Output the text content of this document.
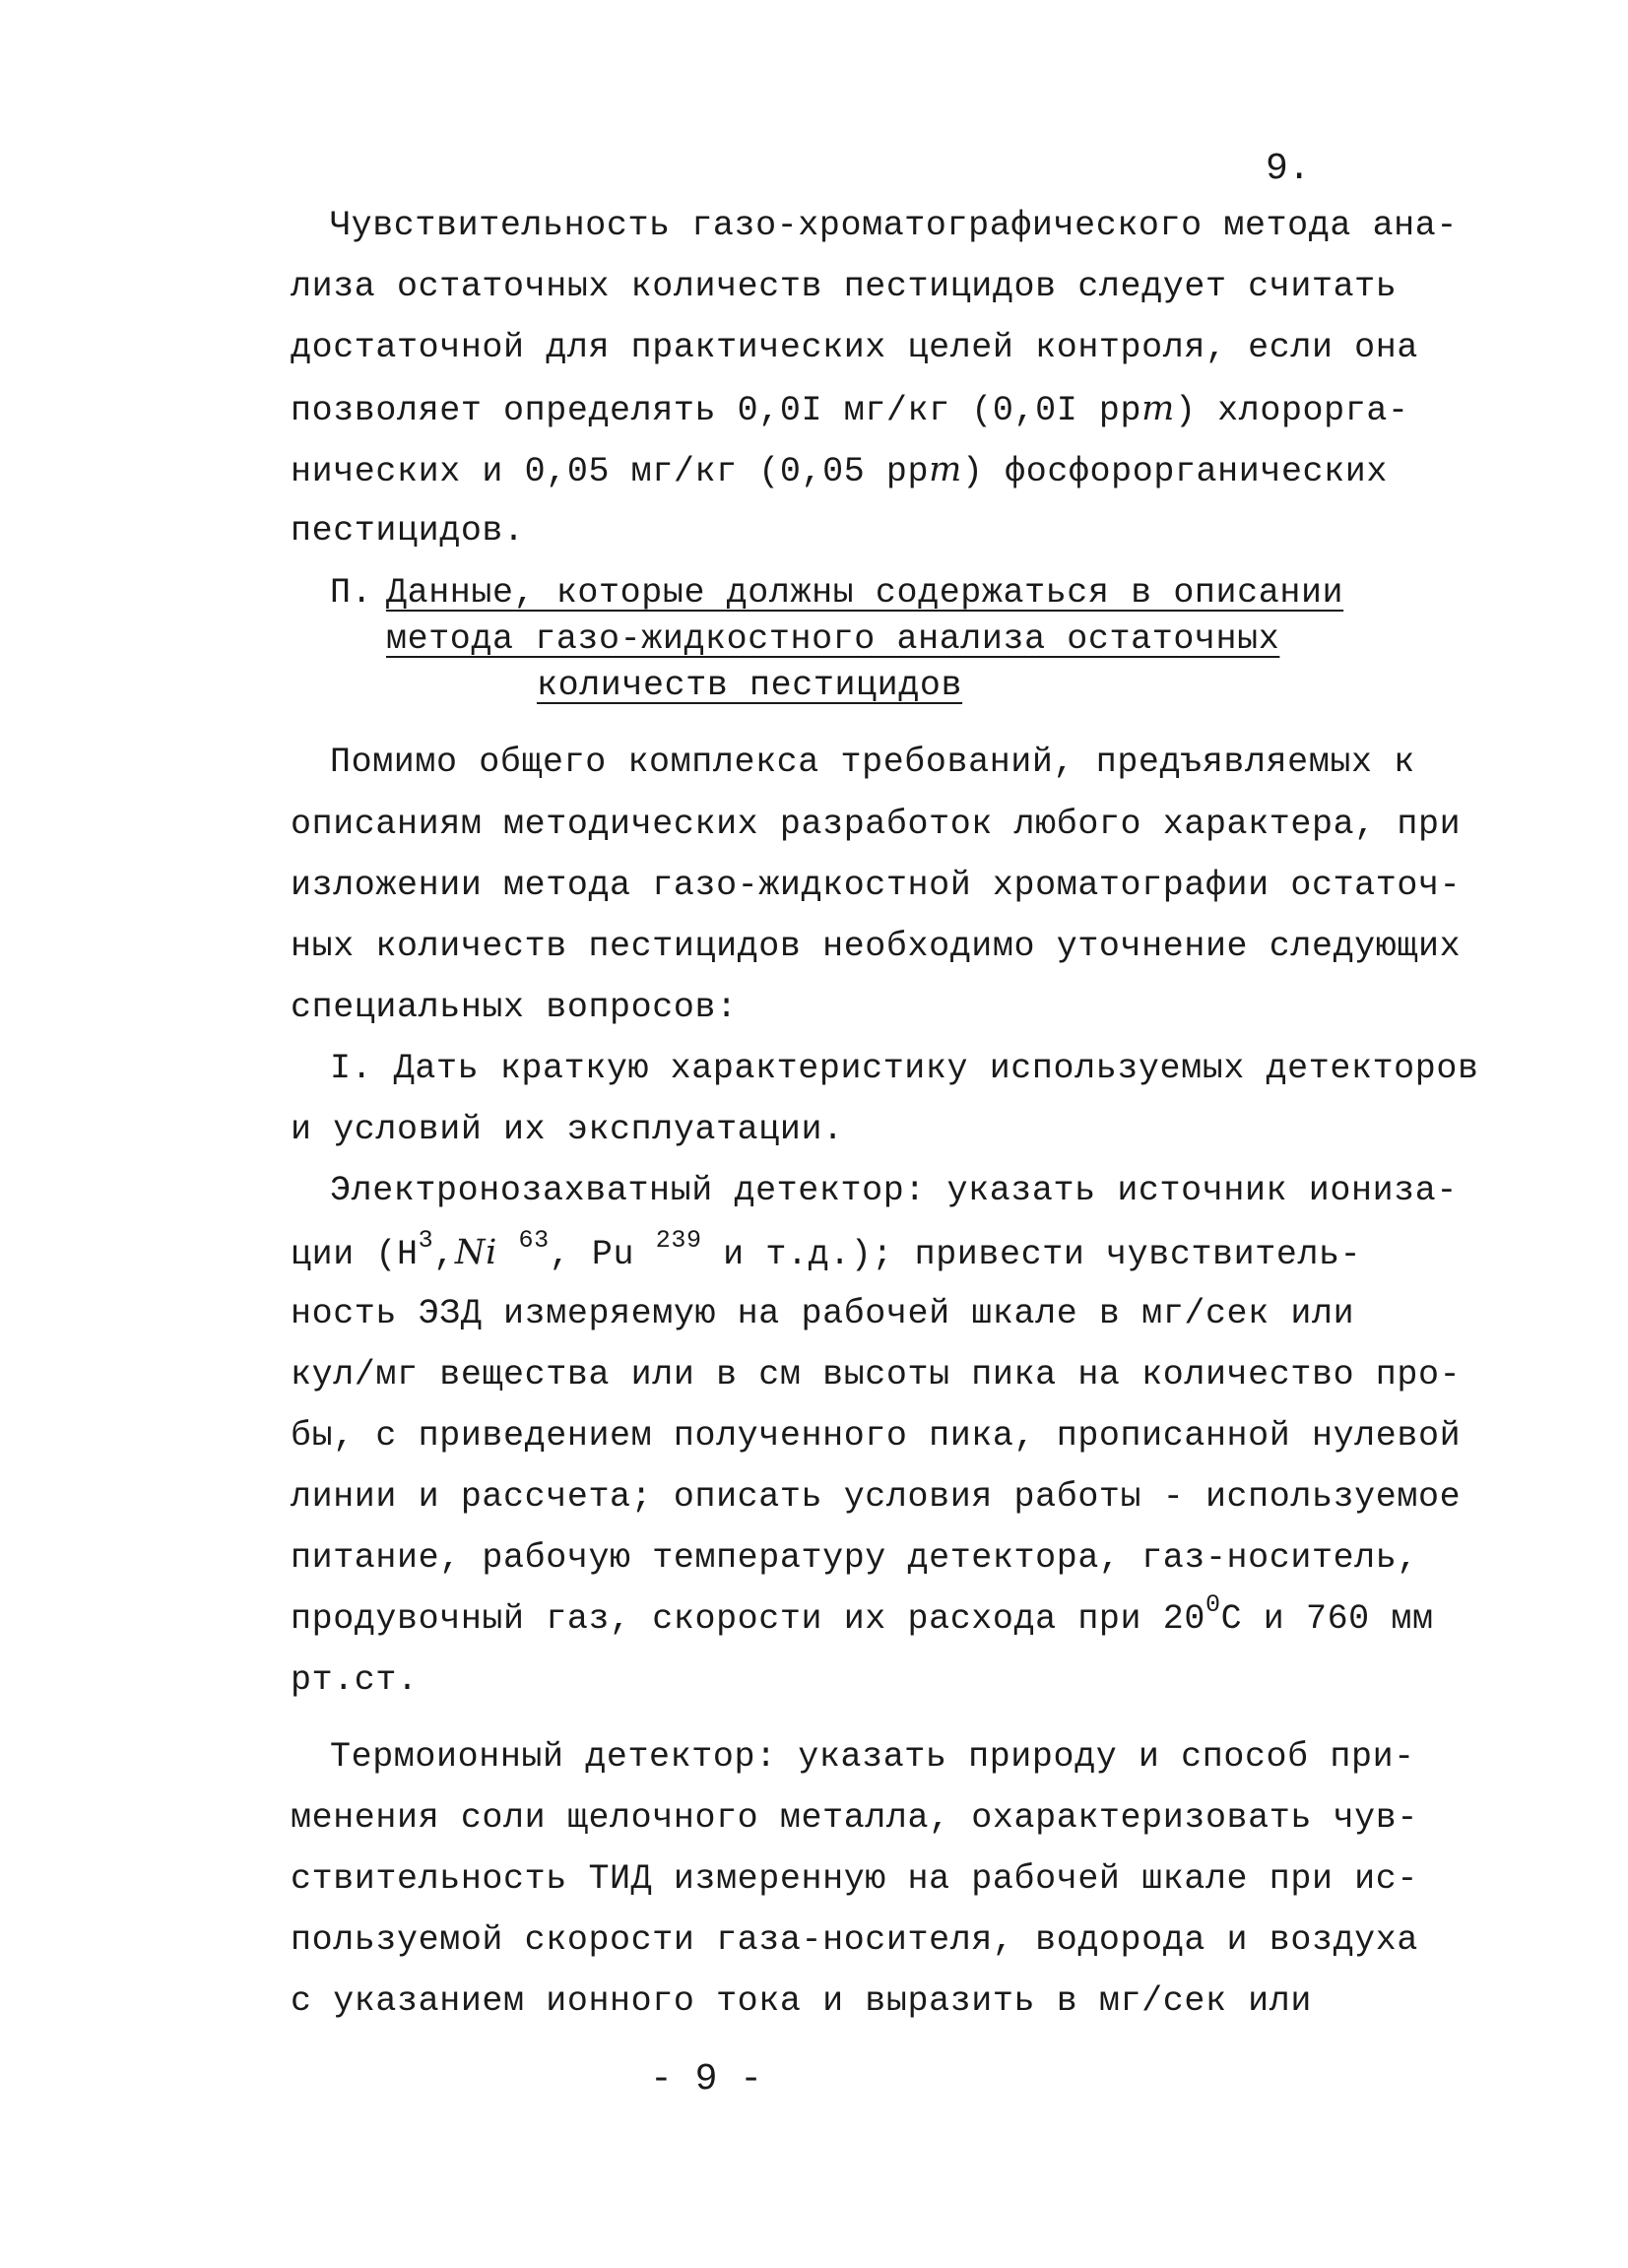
9.
Чувствительность газо-хроматографического метода ана-
лиза остаточных количеств пестицидов следует считать
достаточной для практических целей контроля, если она
позволяет определять 0,0I мг/кг (0,0I ppm) хлорорга-
нических и 0,05 мг/кг (0,05 ppm) фосфорорганических
пестицидов.
П. Данные, которые должны содержаться в описании
метода газо-жидкостного анализа остаточных
количеств пестицидов
Помимо общего комплекса требований, предъявляемых к
описаниям методических разработок любого характера, при
изложении метода газо-жидкостной хроматографии остаточ-
ных количеств пестицидов необходимо уточнение следующих
специальных вопросов:
I. Дать краткую характеристику используемых детекторов
и условий их эксплуатации.
Электронозахватный детектор: указать источник иониза-
ции ($Н^3,Ni$ $^{63}$, Pu $^{239}$ и т.д.); привести чувствитель-
ность ЭЗД измеряемую на рабочей шкале в мг/сек или
кул/мг вещества или в см высоты пика на количество про-
бы, с приведением полученного пика, прописанной нулевой
линии и рассчета; описать условия работы - используемое
питание, рабочую температуру детектора, газ-носитель,
продувочный газ, скорости их расхода при $20^0С$ и 760 мм
рт.ст.
Термоионный детектор: указать природу и способ при-
менения соли щелочного металла, охарактеризовать чув-
ствительность ТИД измеренную на рабочей шкале при ис-
пользуемой скорости газа-носителя, водорода и воздуха
с указанием ионного тока и выразить в мг/сек или
- 9 -
